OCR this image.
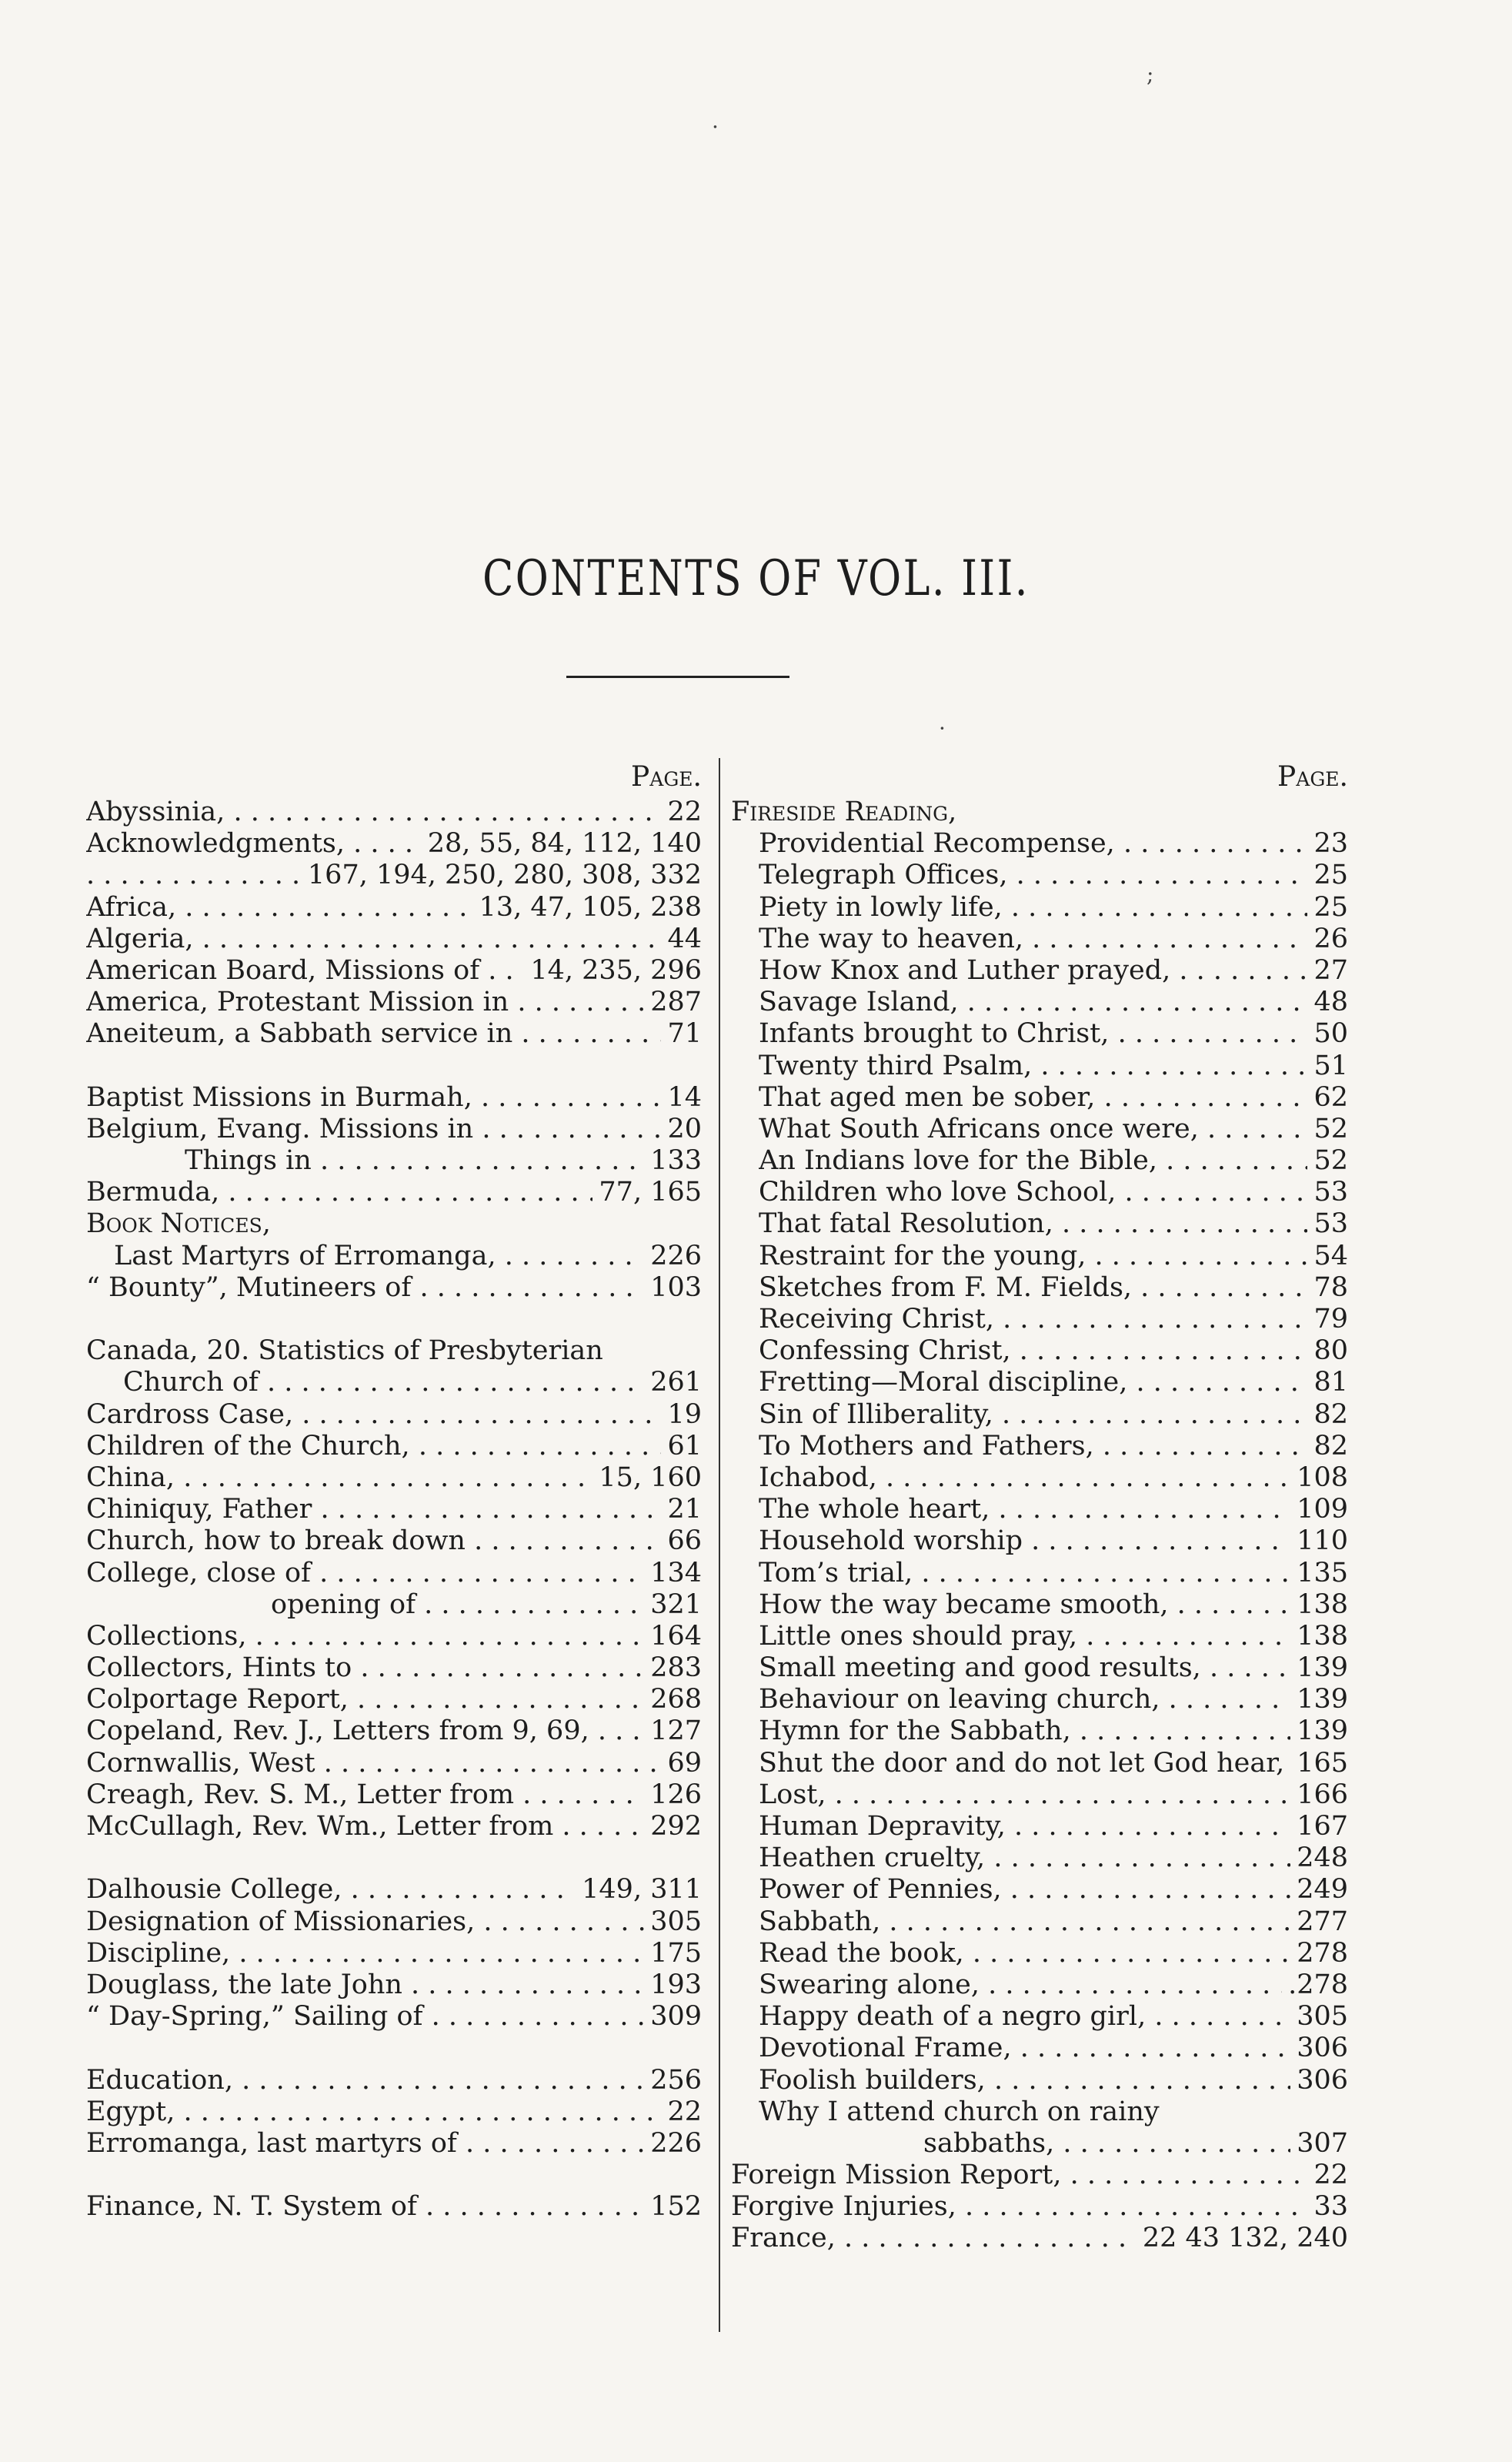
;
.
·
CONTENTS OF VOL. III.
Page.
Abyssinia, . . .	22
Acknowledgments, . . .	28, 55, 84, 112, 140
. . .
167, 194, 250, 280, 308, 332
Africa, . . .	13, 47, 105, 238
Algeria, . . .	44
American Board, Missions of . . .	14, 235, 296
America, Protestant Mission in . . .	287
Aneiteum, a Sabbath service in . . .	71
Baptist Missions in Burmah, . . .	14
Belgium, Evang. Missions in . . .	20
Things in . . .	133
Bermuda, . . .	77, 165
Book Notices,
Last Martyrs of Erromanga, . . .	226
“ Bounty”, Mutineers of . . .	103
Canada, 20. Statistics of Presbyterian
Church of . . .	261
Cardross Case, . . .	19
Children of the Church, . . .	61
China, . . .	15, 160
Chiniquy, Father . . .	21
Church, how to break down . . .	66
College, close of . . .	134
opening of . . .	321
Collections, . . .	164
Collectors, Hints to . . .	283
Colportage Report, . . .	268
Copeland, Rev. J., Letters from 9, 69, . . .	127
Cornwallis, West . . .	69
Creagh, Rev. S. M., Letter from . . .	126
McCullagh, Rev. Wm., Letter from . . .	292
Dalhousie College, . . .	149, 311
Designation of Missionaries, . . .	305
Discipline, . . .	175
Douglass, the late John . . .	193
“ Day-Spring,” Sailing of . . .	309
Education, . . .	256
Egypt, . . .	22
Erromanga, last martyrs of . . .	226
Finance, N. T. System of . . .	152
Page.
Fireside Reading,
Providential Recompense, . . .	23
Telegraph Offices, . . .	25
Piety in lowly life, . . .	25
The way to heaven, . . .	26
How Knox and Luther prayed, . . .	27
Savage Island, . . .	48
Infants brought to Christ, . . .	50
Twenty third Psalm, . . .	51
That aged men be sober, . . .	62
What South Africans once were, . . .	52
An Indians love for the Bible, . . .	52
Children who love School, . . .	53
That fatal Resolution, . . .	53
Restraint for the young, . . .	54
Sketches from F. M. Fields, . . .	78
Receiving Christ, . . .	79
Confessing Christ, . . .	80
Fretting—Moral discipline, . . .	81
Sin of Illiberality, . . .	82
To Mothers and Fathers, . . .	82
Ichabod, . . .	108
The whole heart, . . .	109
Household worship . . .	110
Tom’s trial, . . .	135
How the way became smooth, . . .	138
Little ones should pray, . . .	138
Small meeting and good results, . . .	139
Behaviour on leaving church, . . .	139
Hymn for the Sabbath, . . .	139
Shut the door and do not let God hear, 165
Lost, . . .	166
Human Depravity, . . .	167
Heathen cruelty, . . .	248
Power of Pennies, . . .	249
Sabbath, . . .	277
Read the book, . . .	278
Swearing alone, . . .	.278
Happy death of a negro girl, . . .	305
Devotional Frame, . . .	306
Foolish builders, . . .	306
Why I attend church on rainy
sabbaths, . . .	307
Foreign Mission Report, . . .	22
Forgive Injuries, . . .	33
France, . . .	22 43 132, 240
